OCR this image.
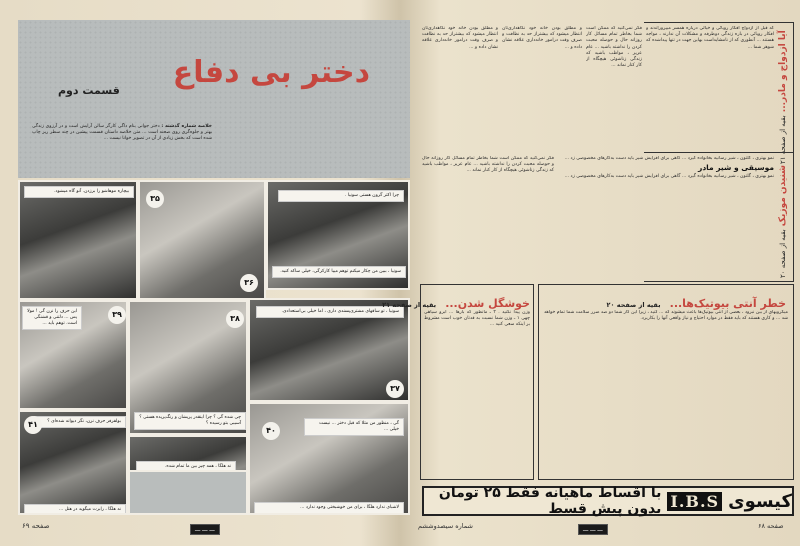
دختر بی دفاع
قسمت دوم
خلاصه شماره گذشته : دختر جوانی بنام داگی کارگر سالن آرایش است و در آرزوی زندگی بهتر و جلوه‌گری روی صحنه است ... متن خلاصه داستان قسمت پیشین در چند سطر ریز چاپ شده است که بخش زیادی از آن در تصویر خوانا نیست ...
بیچاره موهاشو را برزدن. آنو گاه میشود.
۳۵
۳۶
چرا اکثر گرون هستی سونیا .
سونیا ، ببین من چکار میکنم توهم مییا کارکرگی، خیلی ساکه کنید.
این حرف را نزن گی ! مولا پس ... دلتنی و قشنگی است. توهم باید ...
۳۹	۳۸
چی شده گی ؟ چرا اینقدر پریشان و رنگ‌پریده هستی ؟ آسیبی بتو رسیده ؟
سونیا ، تو ساقهای مشتری‌پسندی داری ، اما خیلی بی‌استعدادی.
۳۷
بولفرفر حرف نزن، نگر دیوانه شده‌ای ؟
۴۱
نه هلگا ، رابرت میگوید در هتل ...
نه هلگا ، همه چیز بین ما تمام شده.
۴۰
گی ، منظور من مثلا که قبل دختر ... نیست خیلی ...
لاشبای ندارد هلگا ، برای من خوشبختی وجود ندارد ...
صفحه ۶۹	ـــ ـــ ـــ
آیا ازدواج و مادر... بقیه از صفحه ۲۱
که قبل از ازدواج افکار رویائی و خیالی درباره همسر میپروراندند و افکار رویائی در باره زندگی دوطرفه و مشکلات آن ندارند ، مواجه هستند ... آنطوری که از نامشایداست بهاین جهت در تنها پیداشده که شوهر شما ...
فکر نمی‌کنید که ممکن است شما بخاطر تمام مسائل کار روزانه حال و حوصله محبت کردن را نداشته باشید ... عام عزیز ، مواظب باشید که زندگی زناشوئی هیچگاه از کار کنار نماند ...
و مطلق بودن خانه خود نگاهداری‌تان انتظار میشود که بیشتراز حد به نظافت و صرف وقت درامور خانه‌داری علاقه نشان داده و ...
و مطلق بودن خانه خود نگاهداری‌تان انتظار میشود که بیشتراز حد به نظافت و صرف وقت درامور خانه‌داری علاقه نشان داده و ...
شنیدن موزیک بقیه از صفحه ۲۰
نمو بهتری ، گلتون ، شیر رسانیه بخانواده گیرد ... گاهی برای افزایش شیر باید دست به‌کارهای مخصوصی زد ...
موسیقی و شیر مادر
نمو بهتری ، گلتون ، شیر رسانیه بخانواده گیرد ... گاهی برای افزایش شیر باید دست به‌کارهای مخصوصی زد ...
فکر نمی‌کنید که ممکن است شما بخاطر تمام مسائل کار روزانه حال و حوصله محبت کردن را نداشته باشید ... عام عزیز ، مواظب باشید که زندگی زناشوئی هیچگاه از کار کنار نماند ...
خطر آنتی بیوتیک‌ها... بقیه از صفحه ۲۰
میکروبهای از بین نبرود ، بعضی از آنتی بیوتیک‌ها باعث میشوند که ... کنید ، زیرا این کار شما دو صد ضرر سلامت شما تمام خواهد شد ... و کاری هستند که باید فقط در موارد احتیاج و نیاز واقعی آنها را بکاربرد.
خوشگل شدن... بقیه از صفحه ۲۱
وزن پیدا نکنید . ۲ ـ مانطور که بارها ... ابرو سیاهی چهی ۱ ـ وزن شما نسبت به قدتان خوب است مشروط بر اینکه سعی کنید ...
کیسوی
I.B.S
با اقساط ماهیانه فقط ۲۵ تومان بدون پیش قسط
شماره سیصدوششم	ـــ ـــ ـــ	صفحه ۶۸
